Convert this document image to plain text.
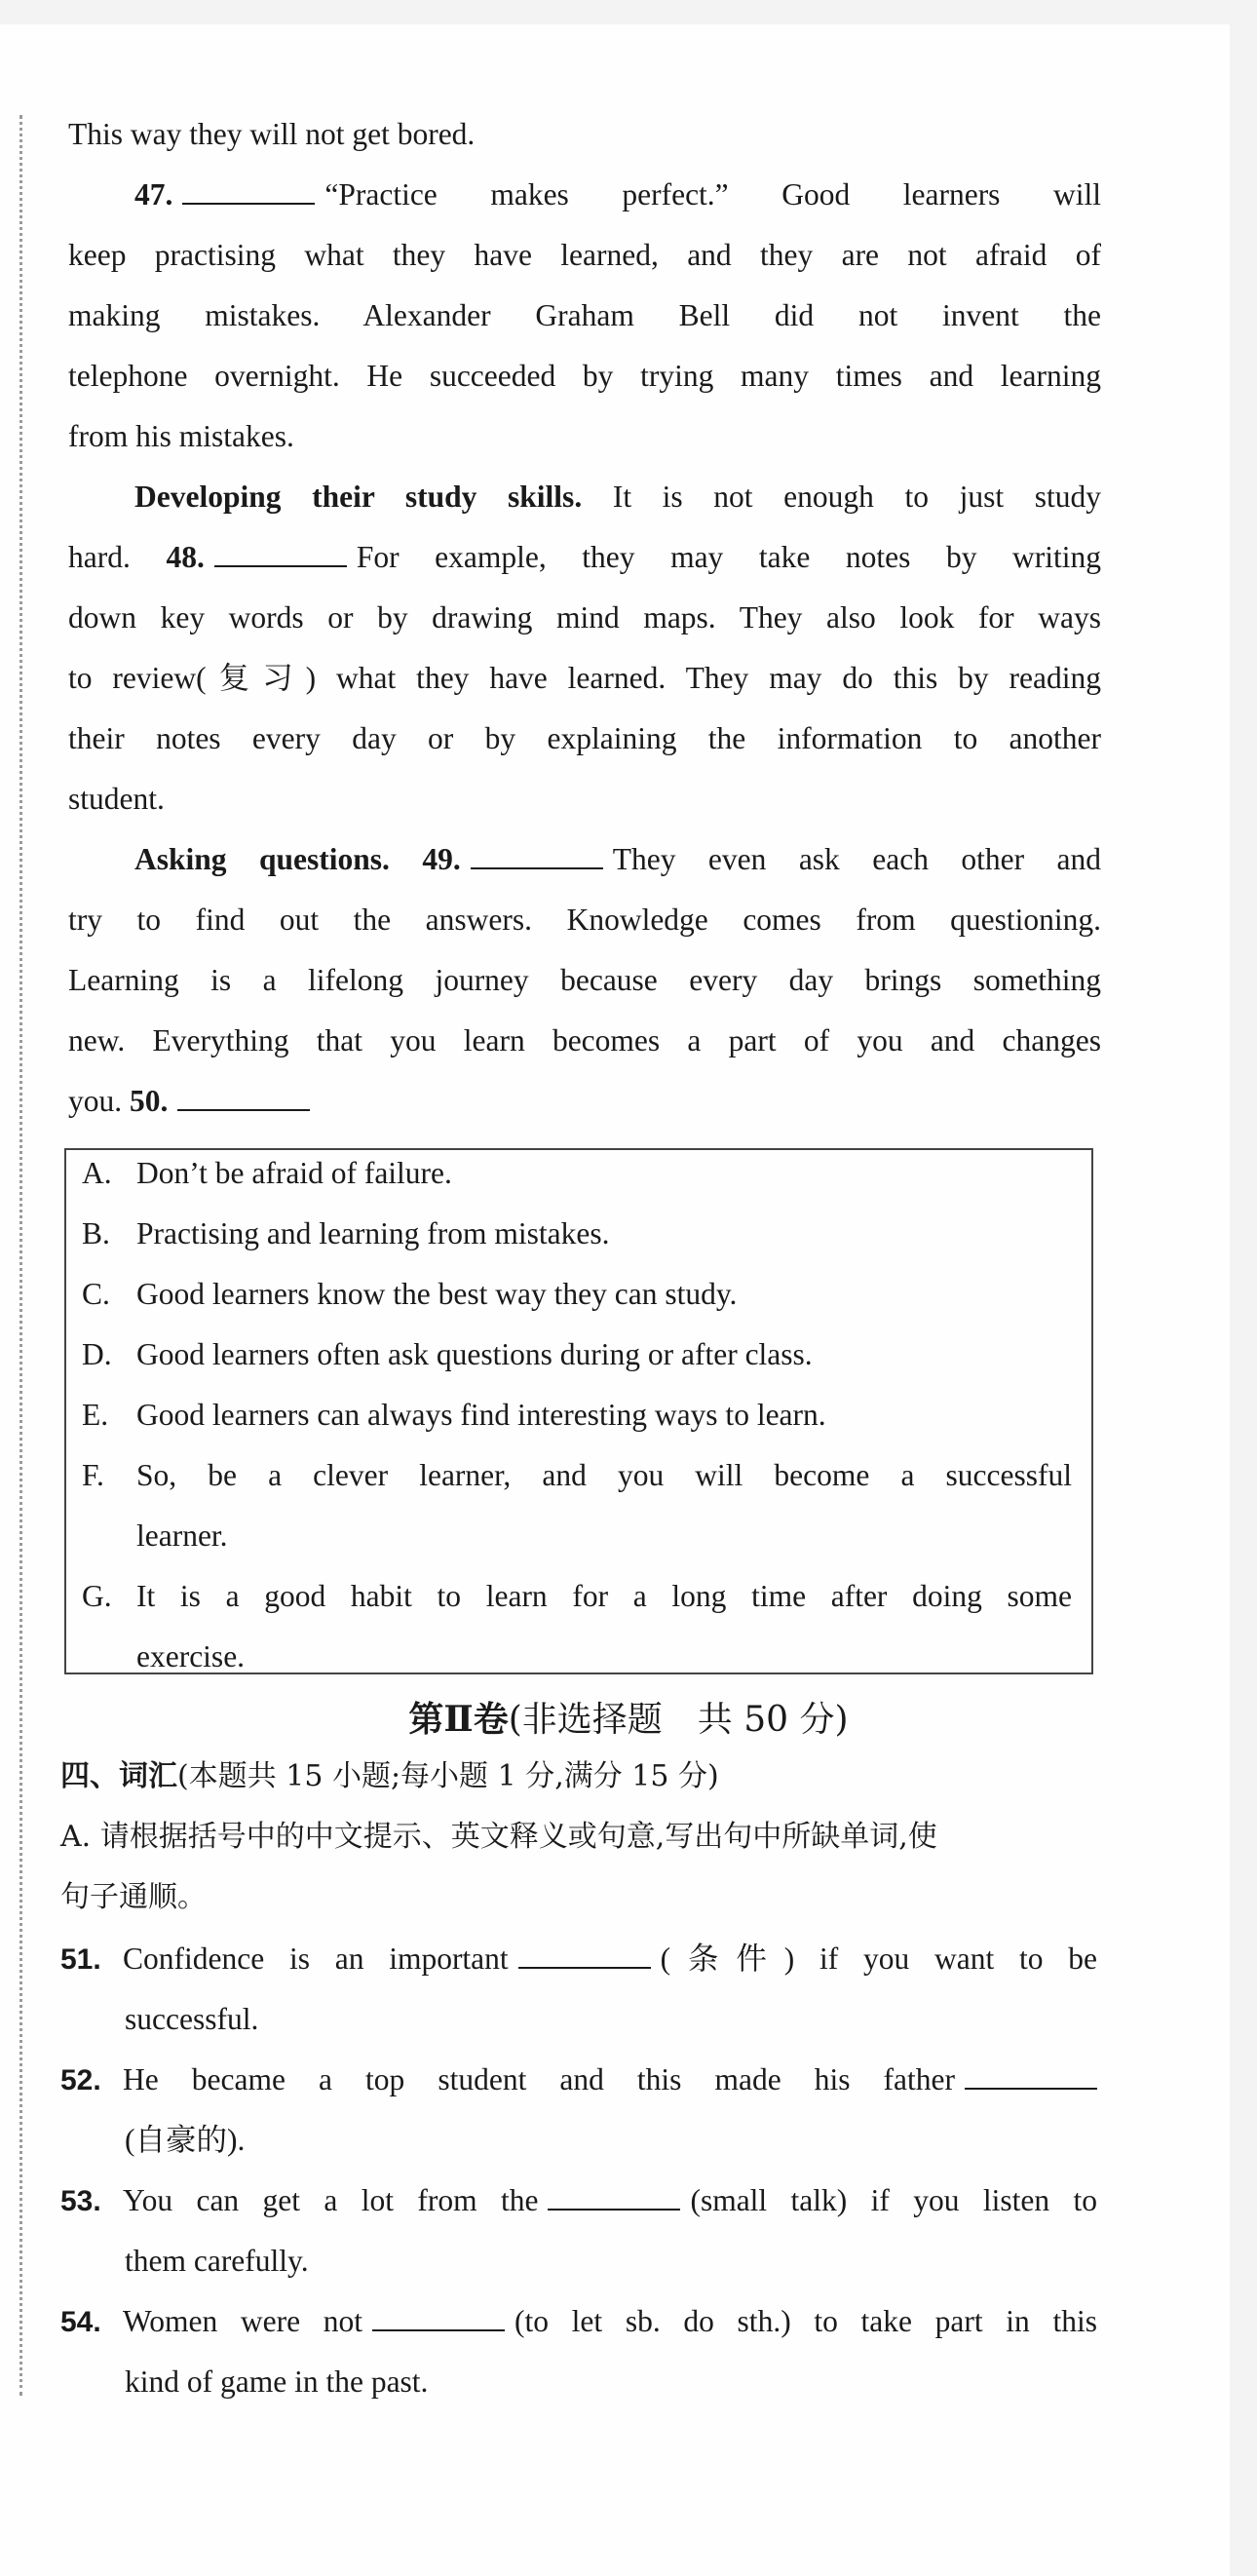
This way they will not get bored.
47.	“Practice makes perfect.” Good learners will
keep practising what they have learned, and they are not afraid of
making mistakes. Alexander Graham Bell did not invent the
telephone overnight. He succeeded by trying many times and learning
from his mistakes.
Developing their study skills. It is not enough to just study
hard. 48.	For example, they may take notes by writing
down key words or by drawing mind maps. They also look for ways
to review(复习) what they have learned. They may do this by reading
their notes every day or by explaining the information to another
student.
Asking questions. 49.	They even ask each other and
try to find out the answers. Knowledge comes from questioning.
Learning is a lifelong journey because every day brings something
new. Everything that you learn becomes a part of you and changes
you. 50.
A. Don’t be afraid of failure.
B. Practising and learning from mistakes.
C. Good learners know the best way they can study.
D. Good learners often ask questions during or after class.
E. Good learners can always find interesting ways to learn.
F. So, be a clever learner, and you will become a successful
learner.
G. It is a good habit to learn for a long time after doing some
exercise.
第Ⅱ卷(非选择题　共 50 分)
四、词汇(本题共 15 小题;每小题 1 分,满分 15 分)
A. 请根据括号中的中文提示、英文释义或句意,写出句中所缺单词,使
句子通顺。
51. Confidence is an important	(条件) if you want to be
successful.
52. He became a top student and this made his father
(自豪的).
53. You can get a lot from the	(small talk) if you listen to
them carefully.
54. Women were not	(to let sb. do sth.) to take part in this
kind of game in the past.
